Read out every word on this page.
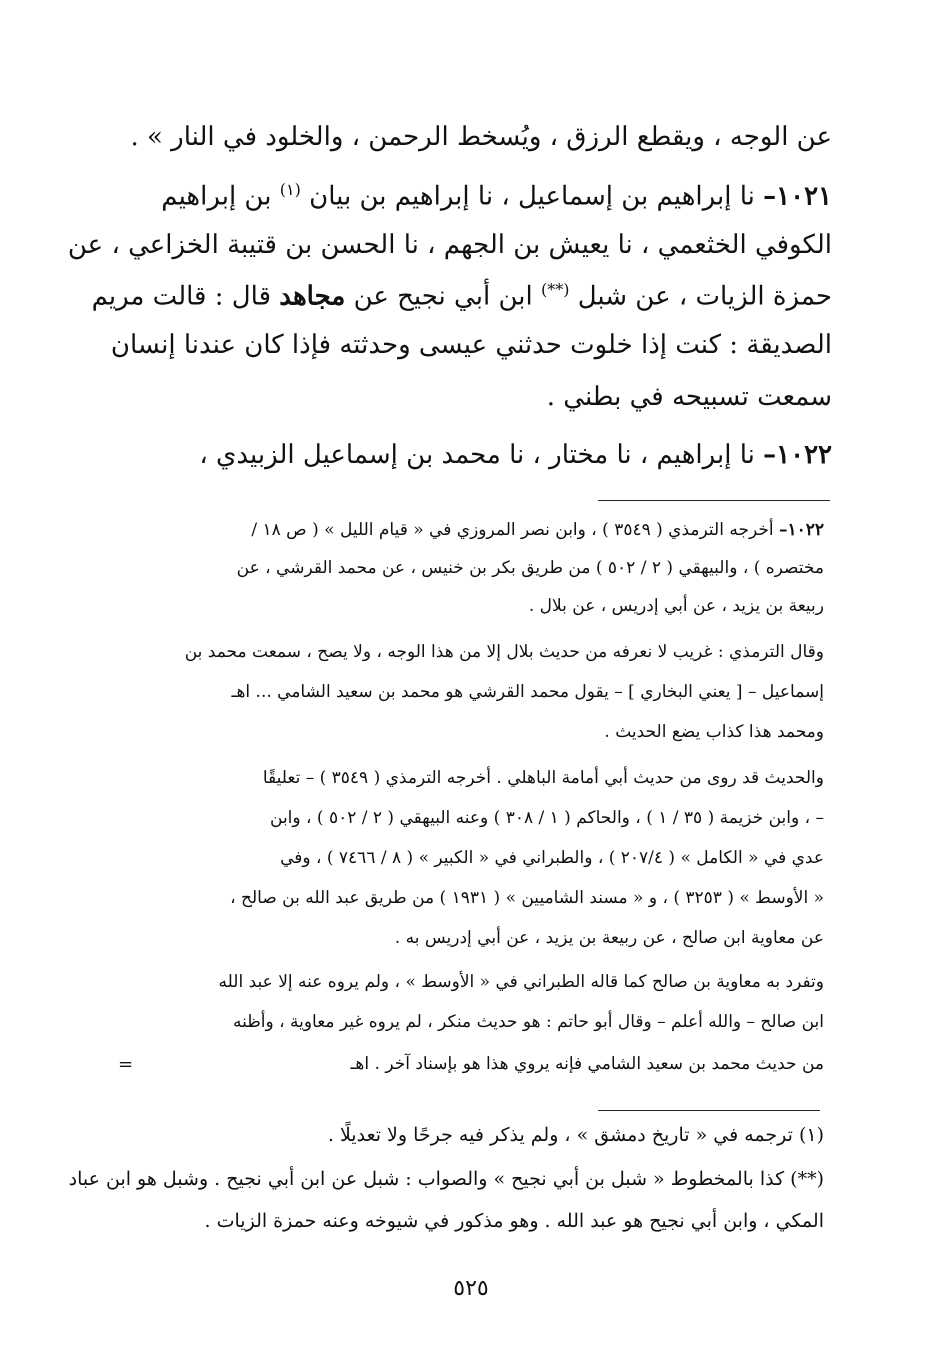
عن الوجه ، ويقطع الرزق ، ويُسخط الرحمن ، والخلود في النار » .

١٠٢١– نا إبراهيم بن إسماعيل ، نا إبراهيم بن بيان $^{(١)}$ بن إبراهيم

الكوفي الخثعمي ، نا يعيش بن الجهم ، نا الحسن بن قتيبة الخزاعي ، عن

حمزة الزيات ، عن شبل (**) ابن أبي نجيح عن مجاهد قال : قالت مريم

الصديقة : كنت إذا خلوت حدثني عيسى وحدثته فإذا كان عندنا إنسان

سمعت تسبيحه في بطني .

١٠٢٢– نا إبراهيم ، نا مختار ، نا محمد بن إسماعيل الزبيدي ،

١٠٢٢– أخرجه الترمذي ( ٣٥٤٩ ) ، وابن نصر المروزي في « قيام الليل » ( ص ١٨ /

مختصره ) ، والبيهقي ( ٢ / ٥٠٢ ) من طريق بكر بن خنيس ، عن محمد القرشي ، عن

ربيعة بن يزيد ، عن أبي إدريس ، عن بلال .

وقال الترمذي : غريب لا نعرفه من حديث بلال إلا من هذا الوجه ، ولا يصح ، سمعت محمد بن

إسماعيل – [ يعني البخاري ] – يقول محمد القرشي هو محمد بن سعيد الشامي ... اهـ

ومحمد هذا كذاب يضع الحديث .

والحديث قد روى من حديث أبي أمامة الباهلي . أخرجه الترمذي ( ٣٥٤٩ ) – تعليقًا

– ، وابن خزيمة ( ٣٥ / ١ ) ، والحاكم ( ١ / ٣٠٨ ) وعنه البيهقي ( ٢ / ٥٠٢ ) ، وابن

عدي في « الكامل » ( ٢٠٧/٤ ) ، والطبراني في « الكبير » ( ٨ / ٧٤٦٦ ) ، وفي

« الأوسط » ( ٣٢٥٣ ) ، و « مسند الشاميين » ( ١٩٣١ ) من طريق عبد الله بن صالح ،

عن معاوية ابن صالح ، عن ربيعة بن يزيد ، عن أبي إدريس به .

وتفرد به معاوية بن صالح كما قاله الطبراني في « الأوسط » ، ولم يروه عنه إلا عبد الله

ابن صالح – والله أعلم – وقال أبو حاتم : هو حديث منكر ، لم يروه غير معاوية ، وأظنه

من حديث محمد بن سعيد الشامي فإنه يروي هذا هو بإسناد آخر . اهـ

=

(١) ترجمه في « تاريخ دمشق » ، ولم يذكر فيه جرحًا ولا تعديلًا .

(**) كذا بالمخطوط « شبل بن أبي نجيح » والصواب : شبل عن ابن أبي نجيح . وشبل هو ابن عباد

المكي ، وابن أبي نجيح هو عبد الله . وهو مذكور في شيوخه وعنه حمزة الزيات .

٥٢٥
